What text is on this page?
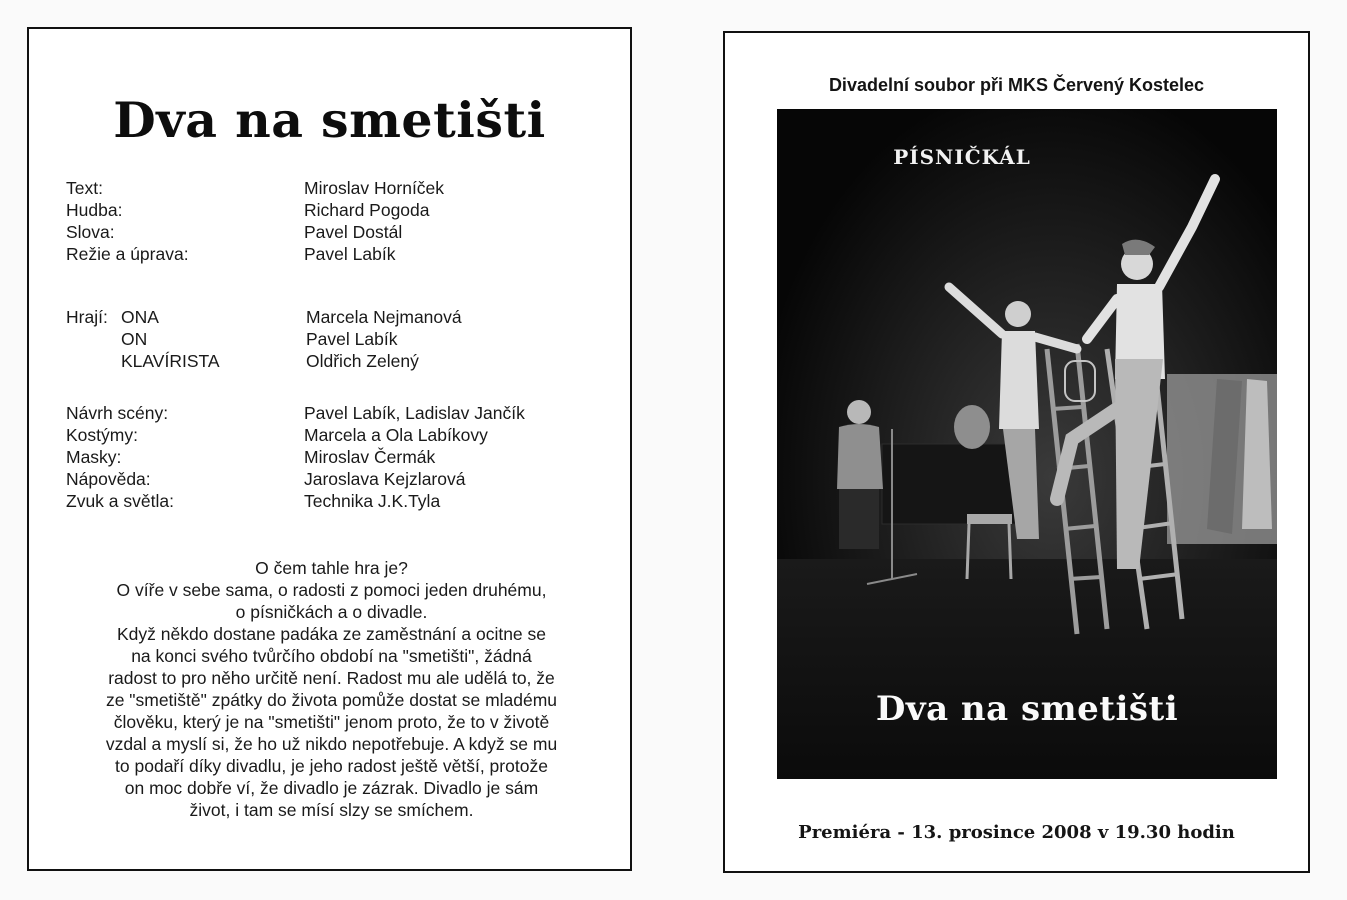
Dva na smetišti
Text:	Miroslav Horníček
Hudba:	Richard Pogoda
Slova:	Pavel Dostál
Režie a úprava:	Pavel Labík
Hrají: ONA	Marcela Nejmanová
ON	Pavel Labík
KLAVÍRISTA	Oldřich Zelený
Návrh scény:	Pavel Labík, Ladislav Jančík
Kostýmy:	Marcela a Ola Labíkovy
Masky:	Miroslav Čermák
Nápověda:	Jaroslava Kejzlarová
Zvuk a světla:	Technika J.K.Tyla

O čem tahle hra je?

O víře v sebe sama, o radosti z pomoci jeden druhému,

o písničkách a o divadle.

Když někdo dostane padáka ze zaměstnání a ocitne se

na konci svého tvůrčího období na "smetišti", žádná

radost to pro něho určitě není. Radost mu ale udělá to, že

ze "smetiště" zpátky do života pomůže dostat se mladému

člověku, který je na "smetišti" jenom proto, že to v životě

vzdal a myslí si, že ho už nikdo nepotřebuje. A když se mu

to podaří díky divadlu, je jeho radost ještě větší, protože

on moc dobře ví, že divadlo je zázrak. Divadlo je sám

život, i tam se mísí slzy se smíchem.

Divadelní soubor při MKS Červený Kostelec
PÍSNIČKÁL
Dva na smetišti
Premiéra - 13. prosince 2008 v 19.30 hodin
